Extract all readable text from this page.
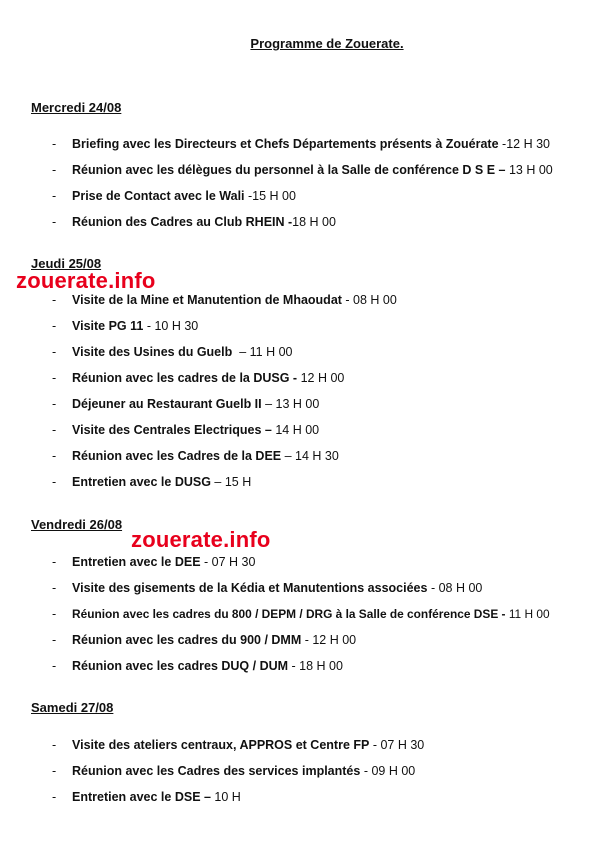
Programme de Zouerate.
Mercredi 24/08
- Briefing avec les Directeurs et Chefs Départements présents à Zouérate -12 H 30
- Réunion avec les délègues du personnel à la Salle de conférence D S E – 13 H 00
- Prise de Contact avec le Wali -15 H 00
- Réunion des Cadres au Club RHEIN -18 H 00
Jeudi 25/08
- Visite de la Mine et Manutention de Mhaoudat - 08 H 00
- Visite PG 11 - 10 H 30
- Visite des Usines du Guelb  – 11 H 00
- Réunion avec les cadres de la DUSG - 12 H 00
- Déjeuner au Restaurant Guelb II – 13 H 00
- Visite des Centrales Electriques – 14 H 00
- Réunion avec les Cadres de la DEE – 14 H 30
- Entretien avec le DUSG – 15 H
Vendredi 26/08
- Entretien avec le DEE - 07 H 30
- Visite des gisements de la Kédia et Manutentions associées - 08 H 00
- Réunion avec les cadres du 800 / DEPM / DRG à la Salle de conférence DSE - 11 H 00
- Réunion avec les cadres du 900 / DMM - 12 H 00
- Réunion avec les cadres DUQ / DUM - 18 H 00
Samedi 27/08
- Visite des ateliers centraux, APPROS et Centre FP - 07 H 30
- Réunion avec les Cadres des services implantés - 09 H 00
- Entretien avec le DSE – 10 H
zouerate.info
zouerate.info
